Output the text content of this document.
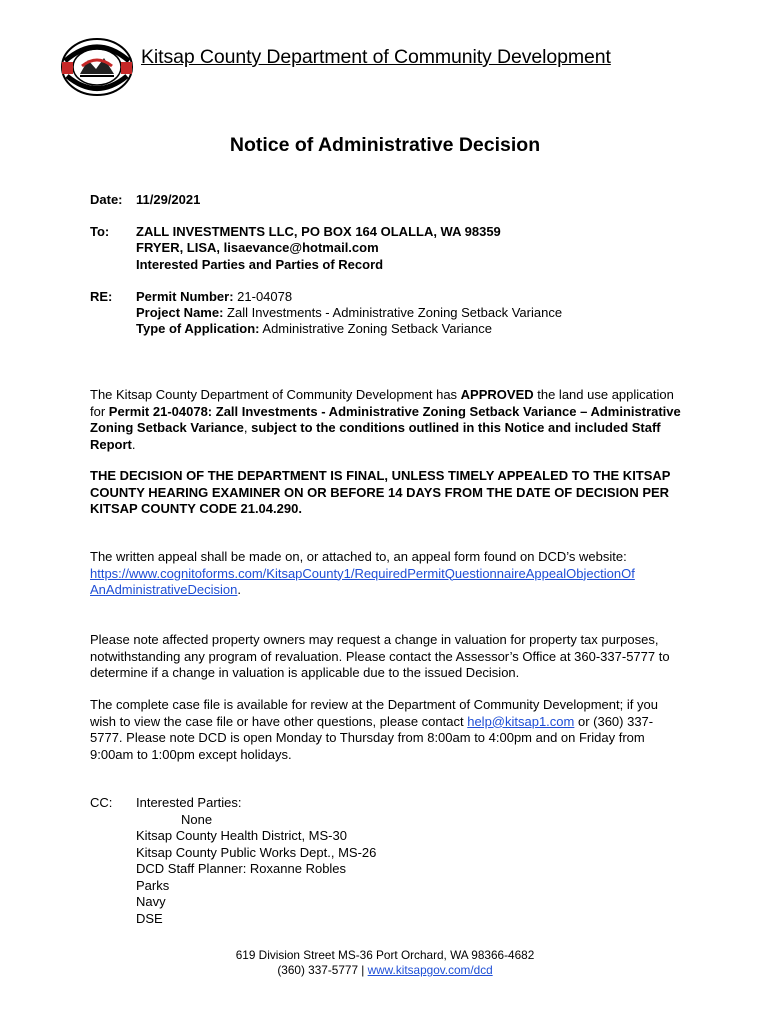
Kitsap County Department of Community Development
Notice of Administrative Decision
Date: 11/29/2021
To: ZALL INVESTMENTS LLC, PO BOX 164 OLALLA, WA 98359
FRYER, LISA, lisaevance@hotmail.com
Interested Parties and Parties of Record
RE: Permit Number: 21-04078
Project Name: Zall Investments - Administrative Zoning Setback Variance
Type of Application: Administrative Zoning Setback Variance
The Kitsap County Department of Community Development has APPROVED the land use application for Permit 21-04078: Zall Investments - Administrative Zoning Setback Variance – Administrative Zoning Setback Variance, subject to the conditions outlined in this Notice and included Staff Report.
THE DECISION OF THE DEPARTMENT IS FINAL, UNLESS TIMELY APPEALED TO THE KITSAP COUNTY HEARING EXAMINER ON OR BEFORE 14 DAYS FROM THE DATE OF DECISION PER KITSAP COUNTY CODE 21.04.290.
The written appeal shall be made on, or attached to, an appeal form found on DCD’s website:
https://www.cognitoforms.com/KitsapCounty1/RequiredPermitQuestionnaireAppealObjectionOf
AnAdministrativeDecision.
Please note affected property owners may request a change in valuation for property tax purposes, notwithstanding any program of revaluation. Please contact the Assessor’s Office at 360-337-5777 to determine if a change in valuation is applicable due to the issued Decision.
The complete case file is available for review at the Department of Community Development; if you wish to view the case file or have other questions, please contact help@kitsap1.com or (360) 337-5777. Please note DCD is open Monday to Thursday from 8:00am to 4:00pm and on Friday from 9:00am to 1:00pm except holidays.
CC: Interested Parties:
None
Kitsap County Health District, MS-30
Kitsap County Public Works Dept., MS-26
DCD Staff Planner: Roxanne Robles
Parks
Navy
DSE
619 Division Street MS-36 Port Orchard, WA 98366-4682
(360) 337-5777 | www.kitsapgov.com/dcd
